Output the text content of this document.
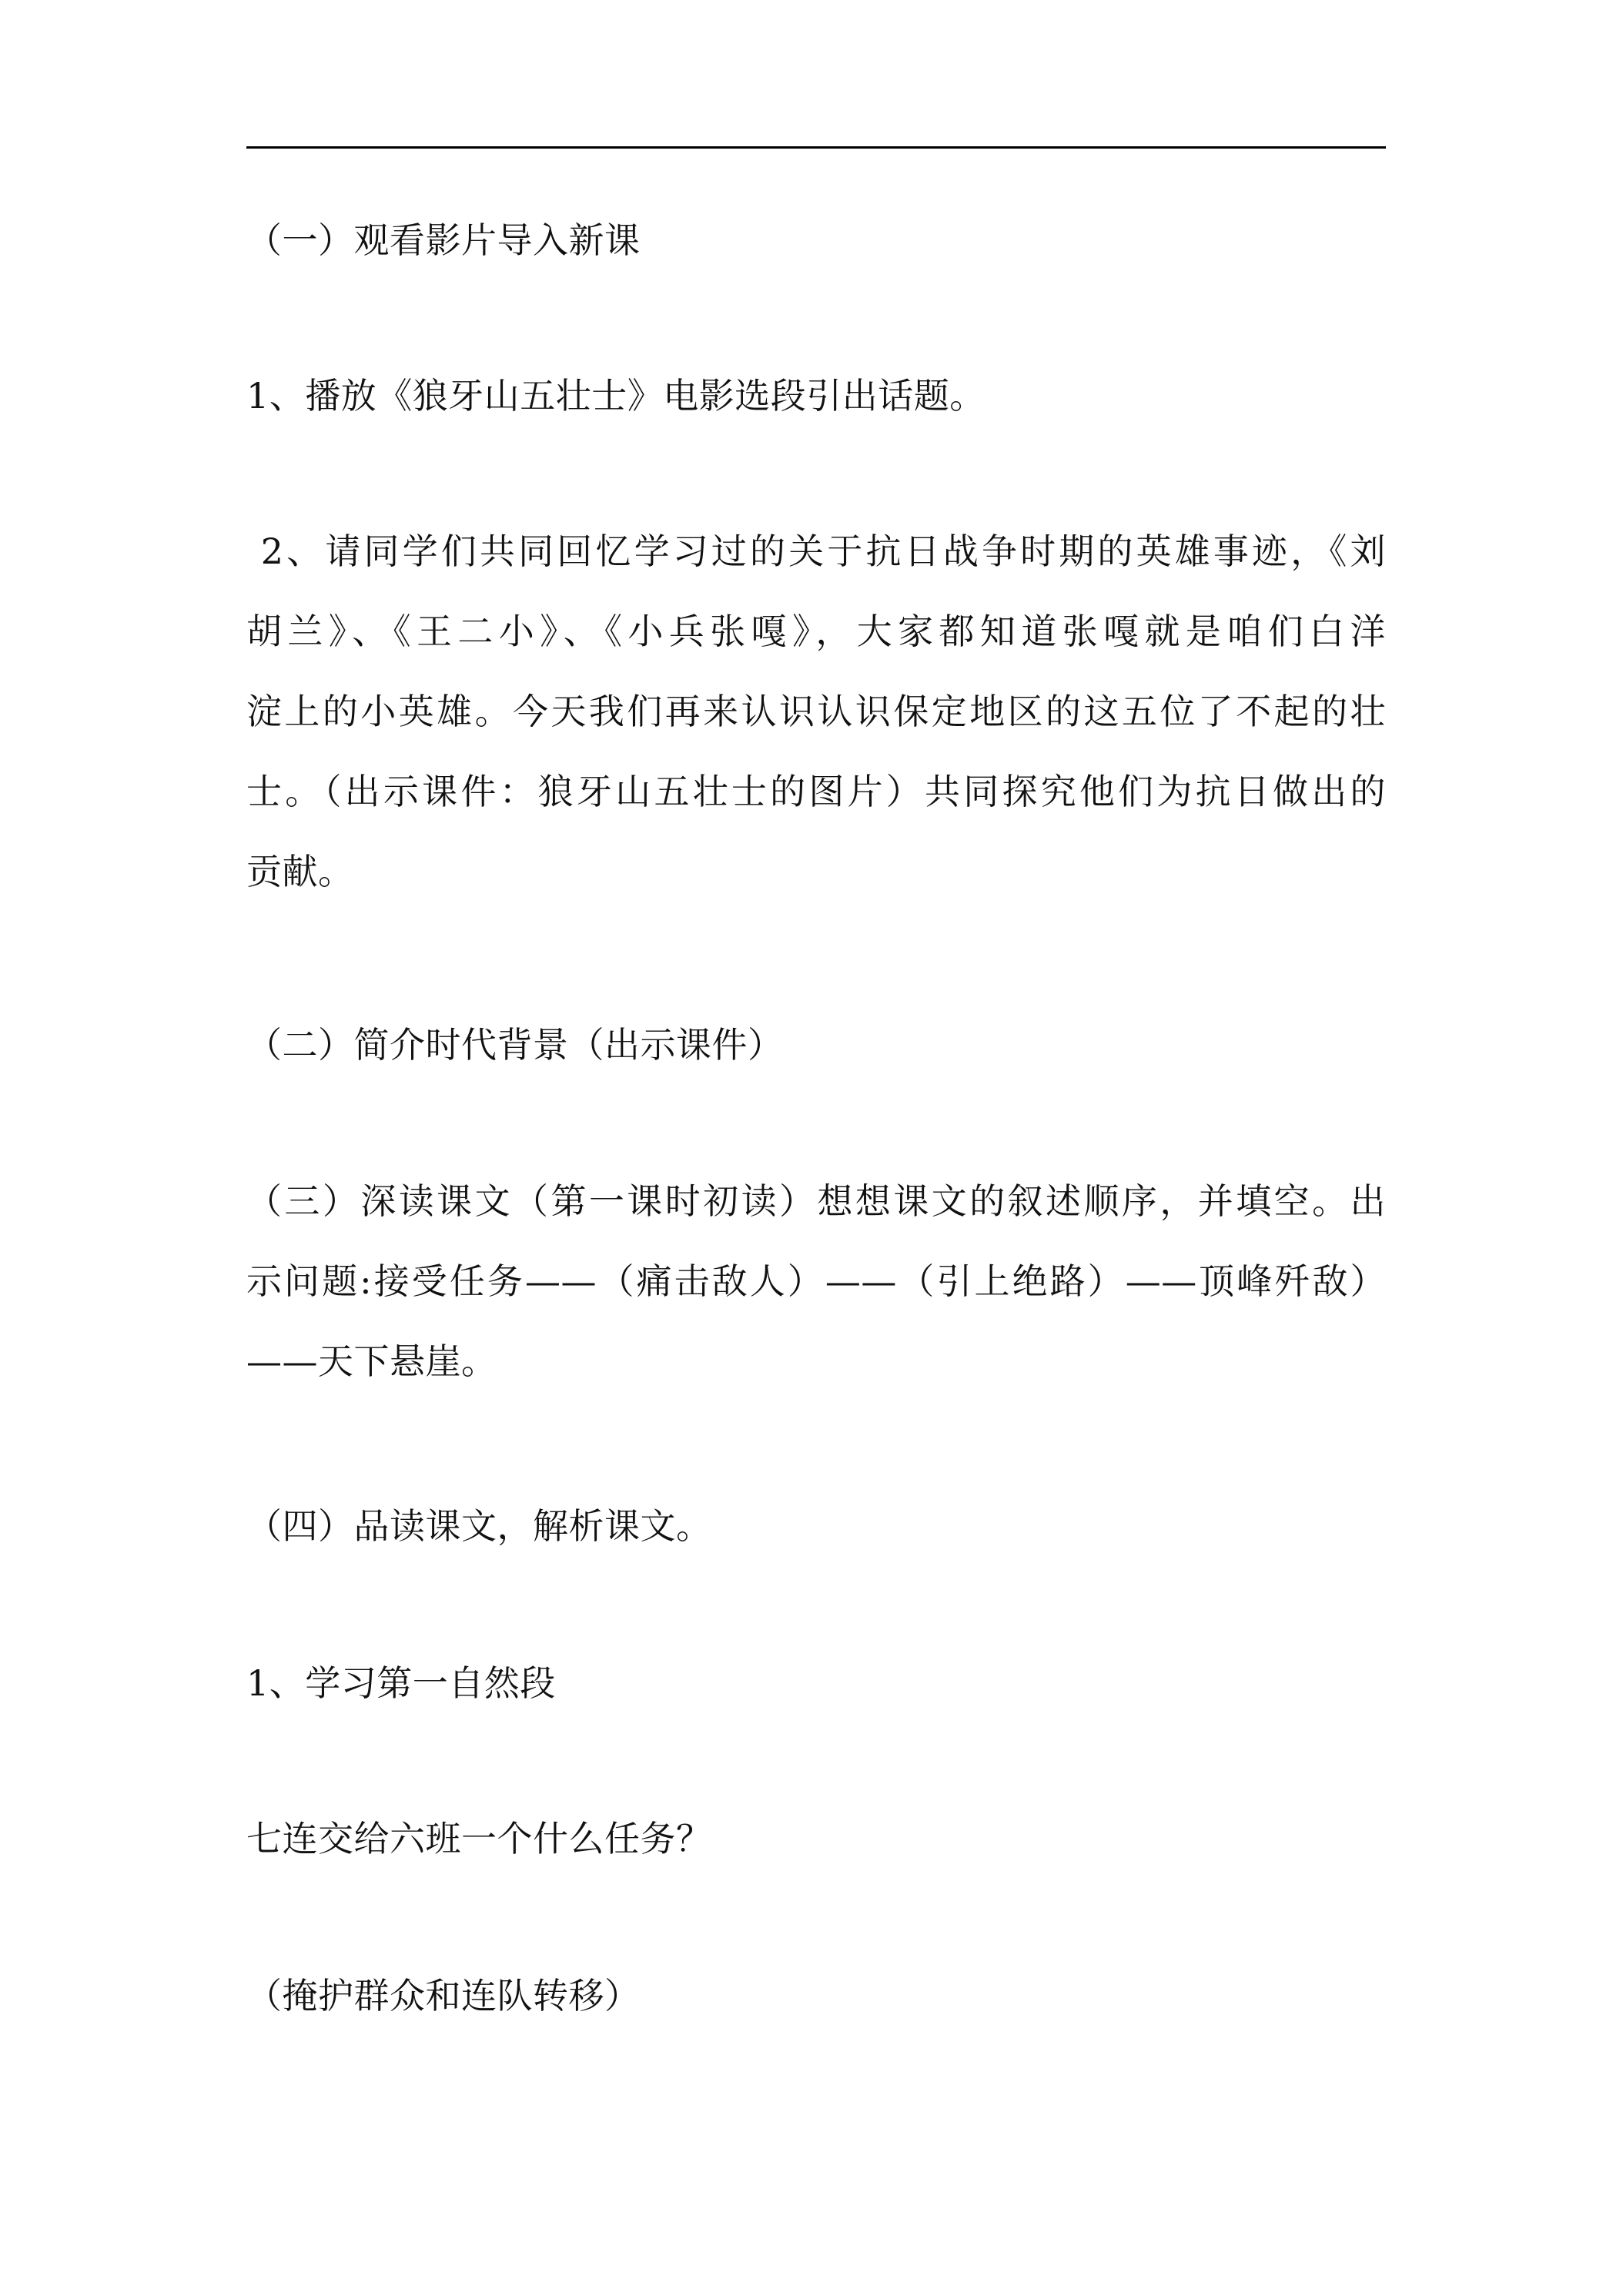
（一）观看影片导入新课
1、播放《狼牙山五壮士》电影选段引出话题。
2、请同学们共同回忆学习过的关于抗日战争时期的英雄事迹，《刘
胡兰》、《王二小》、《小兵张嘎》，大家都知道张嘎就是咱们白洋
淀上的小英雄。今天我们再来认识认识保定地区的这五位了不起的壮
士。（出示课件：狼牙山五壮士的图片）共同探究他们为抗日做出的
贡献。
（二）简介时代背景（出示课件）
（三）深读课文（第一课时初读）想想课文的叙述顺序，并填空。出
示问题:接受任务——（痛击敌人）——（引上绝路）——顶峰歼敌）
——天下悬崖。
（四）品读课文，解析课文。
1、学习第一自然段
七连交给六班一个什么任务？
（掩护群众和连队转移）
